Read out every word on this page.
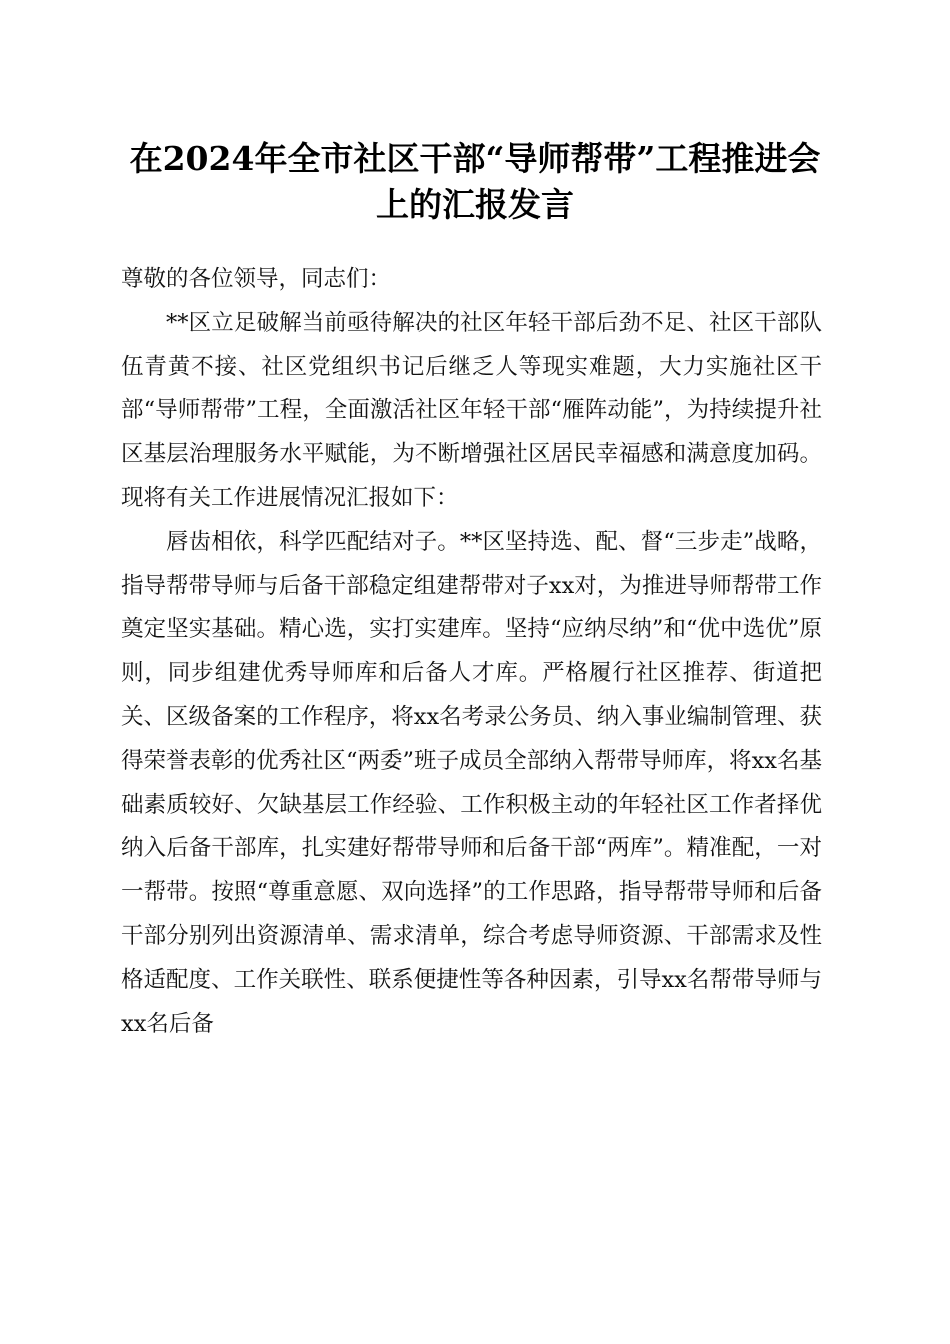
在2024年全市社区干部“导师帮带”工程推进会上的汇报发言

尊敬的各位领导，同志们：

**区立足破解当前亟待解决的社区年轻干部后劲不足、社区干部队伍青黄不接、社区党组织书记后继乏人等现实难题，大力实施社区干部“导师帮带”工程，全面激活社区年轻干部“雁阵动能”，为持续提升社区基层治理服务水平赋能，为不断增强社区居民幸福感和满意度加码。现将有关工作进展情况汇报如下：

唇齿相依，科学匹配结对子。**区坚持选、配、督“三步走”战略，指导帮带导师与后备干部稳定组建帮带对子xx对，为推进导师帮带工作奠定坚实基础。精心选，实打实建库。坚持“应纳尽纳”和“优中选优”原则，同步组建优秀导师库和后备人才库。严格履行社区推荐、街道把关、区级备案的工作程序，将xx名考录公务员、纳入事业编制管理、获得荣誉表彰的优秀社区“两委”班子成员全部纳入帮带导师库，将xx名基础素质较好、欠缺基层工作经验、工作积极主动的年轻社区工作者择优纳入后备干部库，扎实建好帮带导师和后备干部“两库”。精准配，一对一帮带。按照“尊重意愿、双向选择”的工作思路，指导帮带导师和后备干部分别列出资源清单、需求清单，综合考虑导师资源、干部需求及性格适配度、工作关联性、联系便捷性等各种因素，引导xx名帮带导师与xx名后备
